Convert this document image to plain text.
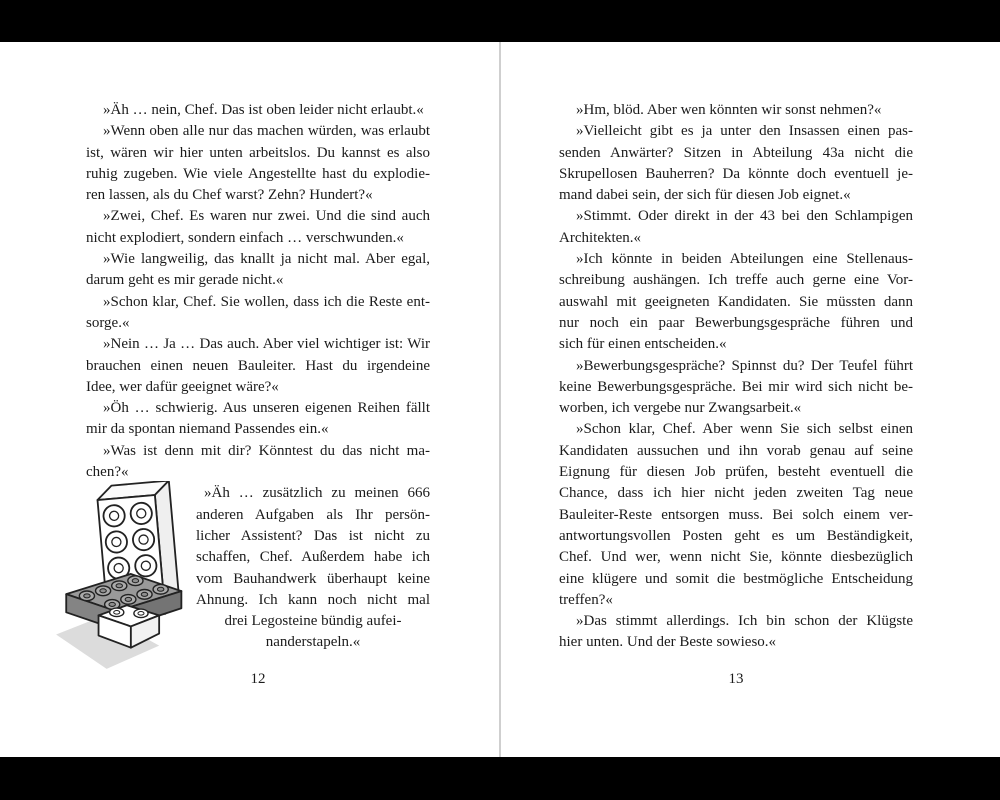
»Äh … nein, Chef. Das ist oben leider nicht erlaubt.«
»Wenn oben alle nur das machen würden, was erlaubt
ist, wären wir hier unten arbeitslos. Du kannst es also
ruhig zugeben. Wie viele Angestellte hast du explodie-
ren lassen, als du Chef warst? Zehn? Hundert?«
»Zwei, Chef. Es waren nur zwei. Und die sind auch
nicht explodiert, sondern einfach … verschwunden.«
»Wie langweilig, das knallt ja nicht mal. Aber egal,
darum geht es mir gerade nicht.«
»Schon klar, Chef. Sie wollen, dass ich die Reste ent-
sorge.«
»Nein … Ja … Das auch. Aber viel wichtiger ist: Wir
brauchen einen neuen Bauleiter. Hast du irgendeine
Idee, wer dafür geeignet wäre?«
»Öh … schwierig. Aus unseren eigenen Reihen fällt
mir da spontan niemand Passendes ein.«
»Was ist denn mit dir? Könntest du das nicht ma-
chen?«
»Äh … zusätzlich zu meinen 666
anderen Aufgaben als Ihr persön-
licher Assistent? Das ist nicht zu
schaffen, Chef. Außerdem habe ich
vom Bauhandwerk überhaupt keine
Ahnung. Ich kann noch nicht mal
drei Legosteine bündig aufei-
nanderstapeln.«
»Hm, blöd. Aber wen könnten wir sonst nehmen?«
»Vielleicht gibt es ja unter den Insassen einen pas-
senden Anwärter? Sitzen in Abteilung 43a nicht die
Skrupellosen Bauherren? Da könnte doch eventuell je-
mand dabei sein, der sich für diesen Job eignet.«
»Stimmt. Oder direkt in der 43 bei den Schlampigen
Architekten.«
»Ich könnte in beiden Abteilungen eine Stellenaus-
schreibung aushängen. Ich treffe auch gerne eine Vor-
auswahl mit geeigneten Kandidaten. Sie müssten dann
nur noch ein paar Bewerbungsgespräche führen und
sich für einen entscheiden.«
»Bewerbungsgespräche? Spinnst du? Der Teufel führt
keine Bewerbungsgespräche. Bei mir wird sich nicht be-
worben, ich vergebe nur Zwangsarbeit.«
»Schon klar, Chef. Aber wenn Sie sich selbst einen
Kandidaten aussuchen und ihn vorab genau auf seine
Eignung für diesen Job prüfen, besteht eventuell die
Chance, dass ich hier nicht jeden zweiten Tag neue
Bauleiter-Reste entsorgen muss. Bei solch einem ver-
antwortungsvollen Posten geht es um Beständigkeit,
Chef. Und wer, wenn nicht Sie, könnte diesbezüglich
eine klügere und somit die bestmögliche Entscheidung
treffen?«
»Das stimmt allerdings. Ich bin schon der Klügste
hier unten. Und der Beste sowieso.«
12	13
